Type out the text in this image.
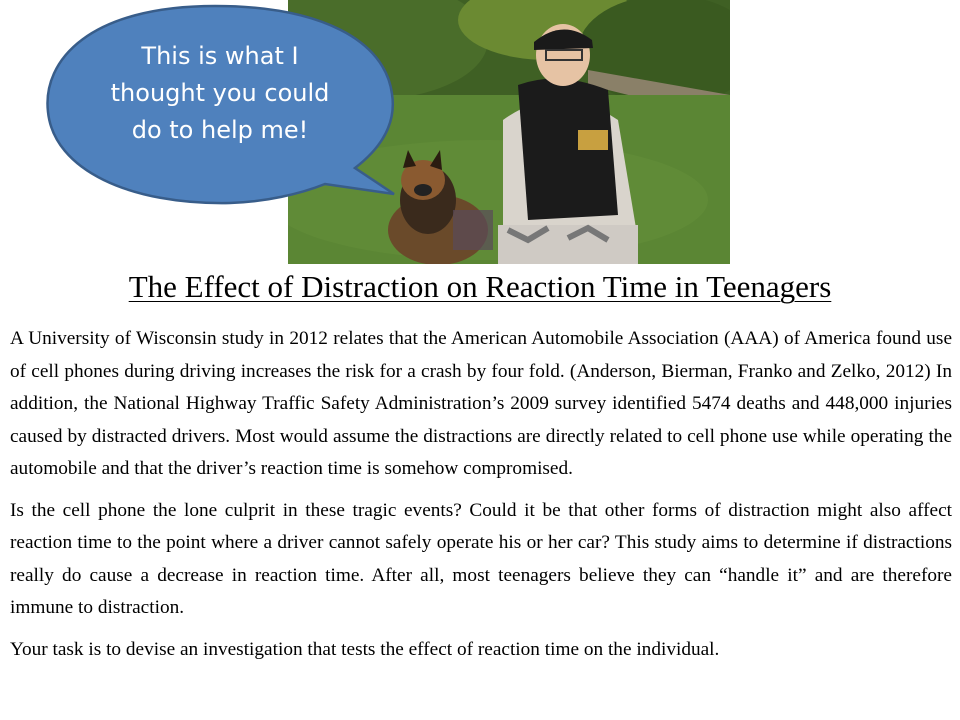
This is what I thought you could do to help me!
The Effect of Distraction on Reaction Time in Teenagers

A University of Wisconsin study in 2012 relates that the American Automobile Association (AAA) of America found use of cell phones during driving increases the risk for a crash by four fold. (Anderson, Bierman, Franko and Zelko, 2012) In addition, the National Highway Traffic Safety Administration’s 2009 survey identified 5474 deaths and 448,000 injuries caused by distracted drivers. Most would assume the distractions are directly related to cell phone use while operating the automobile and that the driver’s reaction time is somehow compromised.

Is the cell phone the lone culprit in these tragic events? Could it be that other forms of distraction might also affect reaction time to the point where a driver cannot safely operate his or her car? This study aims to determine if distractions really do cause a decrease in reaction time. After all, most teenagers believe they can “handle it” and are therefore immune to distraction.

Your task is to devise an investigation that tests the effect of reaction time on the individual.
